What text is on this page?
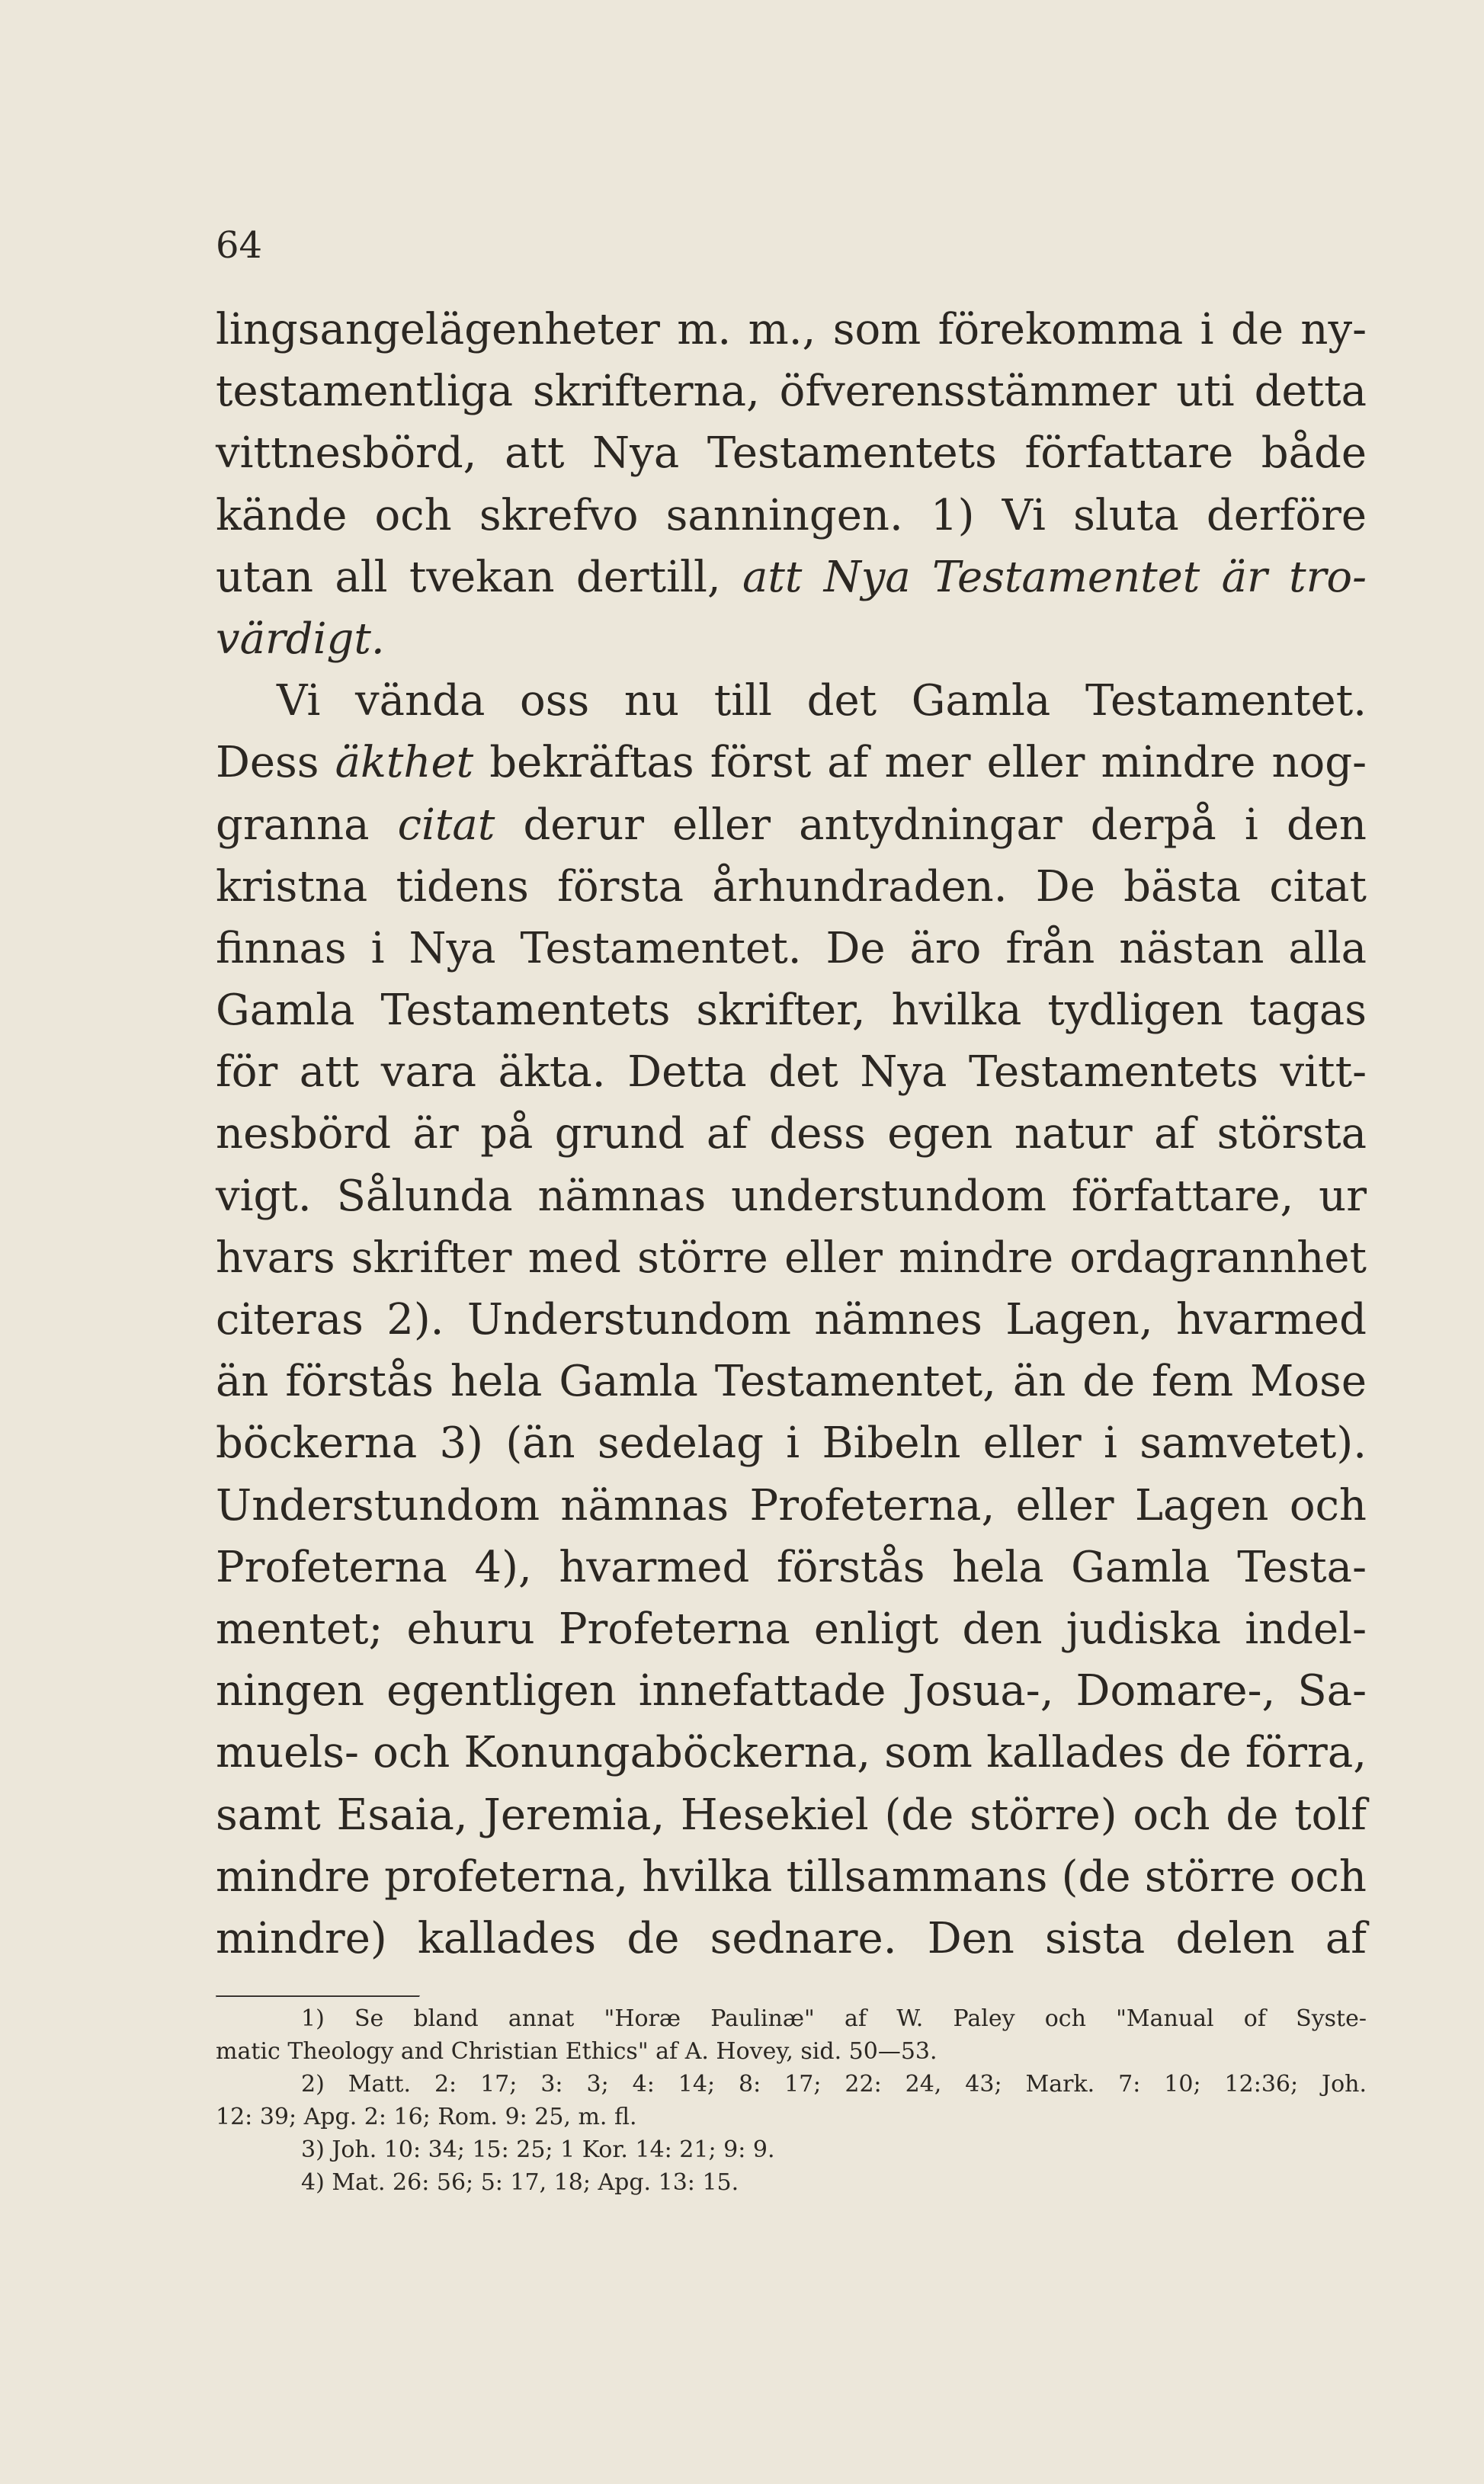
64
lingsangelägenheter m. m., som förekomma i de ny-
testamentliga skrifterna, öfverensstämmer uti detta
vittnesbörd, att Nya Testamentets författare både
kände och skrefvo sanningen. 1) Vi sluta derföre
utan all tvekan dertill, att Nya Testamentet är tro-
värdigt.
Vi vända oss nu till det Gamla Testamentet.
Dess äkthet bekräftas först af mer eller mindre nog-
granna citat derur eller antydningar derpå i den
kristna tidens första århundraden. De bästa citat
finnas i Nya Testamentet. De äro från nästan alla
Gamla Testamentets skrifter, hvilka tydligen tagas
för att vara äkta. Detta det Nya Testamentets vitt-
nesbörd är på grund af dess egen natur af största
vigt. Sålunda nämnas understundom författare, ur
hvars skrifter med större eller mindre ordagrannhet
citeras 2). Understundom nämnes Lagen, hvarmed
än förstås hela Gamla Testamentet, än de fem Mose
böckerna 3) (än sedelag i Bibeln eller i samvetet).
Understundom nämnas Profeterna, eller Lagen och
Profeterna 4), hvarmed förstås hela Gamla Testa-
mentet; ehuru Profeterna enligt den judiska indel-
ningen egentligen innefattade Josua-, Domare-, Sa-
muels- och Konungaböckerna, som kallades de förra,
samt Esaia, Jeremia, Hesekiel (de större) och de tolf
mindre profeterna, hvilka tillsammans (de större och
mindre) kallades de sednare. Den sista delen af
1) Se bland annat "Horæ Paulinæ" af W. Paley och "Manual of Syste-
matic Theology and Christian Ethics" af A. Hovey, sid. 50—53.
2) Matt. 2: 17; 3: 3; 4: 14; 8: 17; 22: 24, 43; Mark. 7: 10; 12:36; Joh.
12: 39; Apg. 2: 16; Rom. 9: 25, m. fl.
3) Joh. 10: 34; 15: 25; 1 Kor. 14: 21; 9: 9.
4) Mat. 26: 56; 5: 17, 18; Apg. 13: 15.
